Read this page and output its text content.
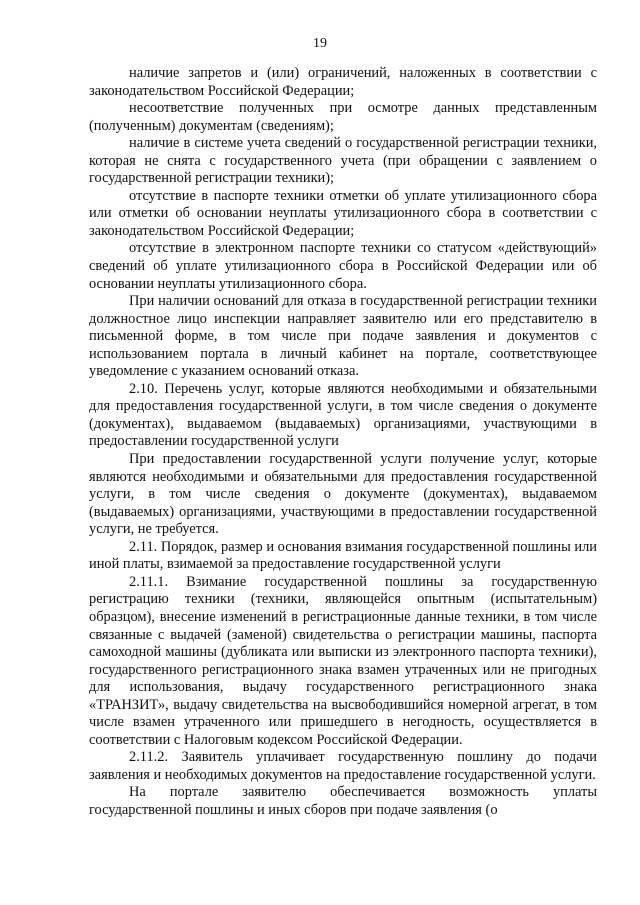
19

наличие запретов и (или) ограничений, наложенных в соответствии с законодательством Российской Федерации;

несоответствие полученных при осмотре данных представленным (полученным) документам (сведениям);

наличие в системе учета сведений о государственной регистрации техники, которая не снята с государственного учета (при обращении с заявлением о государственной регистрации техники);

отсутствие в паспорте техники отметки об уплате утилизационного сбора или отметки об основании неуплаты утилизационного сбора в соответствии с законодательством Российской Федерации;

отсутствие в электронном паспорте техники со статусом «действующий» сведений об уплате утилизационного сбора в Российской Федерации или об основании неуплаты утилизационного сбора.

При наличии оснований для отказа в государственной регистрации техники должностное лицо инспекции направляет заявителю или его представителю в письменной форме, в том числе при подаче заявления и документов с использованием портала в личный кабинет на портале, соответствующее уведомление с указанием оснований отказа.

2.10. Перечень услуг, которые являются необходимыми и обязательными для предоставления государственной услуги, в том числе сведения о документе (документах), выдаваемом (выдаваемых) организациями, участвующими в предоставлении государственной услуги

При предоставлении государственной услуги получение услуг, которые являются необходимыми и обязательными для предоставления государственной услуги, в том числе сведения о документе (документах), выдаваемом (выдаваемых) организациями, участвующими в предоставлении государственной услуги, не требуется.

2.11. Порядок, размер и основания взимания государственной пошлины или иной платы, взимаемой за предоставление государственной услуги

2.11.1. Взимание государственной пошлины за государственную регистрацию техники (техники, являющейся опытным (испытательным) образцом), внесение изменений в регистрационные данные техники, в том числе связанные с выдачей (заменой) свидетельства о регистрации машины, паспорта самоходной машины (дубликата или выписки из электронного паспорта техники), государственного регистрационного знака взамен утраченных или не пригодных для использования, выдачу государственного регистрационного знака «ТРАНЗИТ», выдачу свидетельства на высвободившийся номерной агрегат, в том числе взамен утраченного или пришедшего в негодность, осуществляется в соответствии с Налоговым кодексом Российской Федерации.

2.11.2. Заявитель уплачивает государственную пошлину до подачи заявления и необходимых документов на предоставление государственной услуги.

На портале заявителю обеспечивается возможность уплаты государственной пошлины и иных сборов при подаче заявления (о
